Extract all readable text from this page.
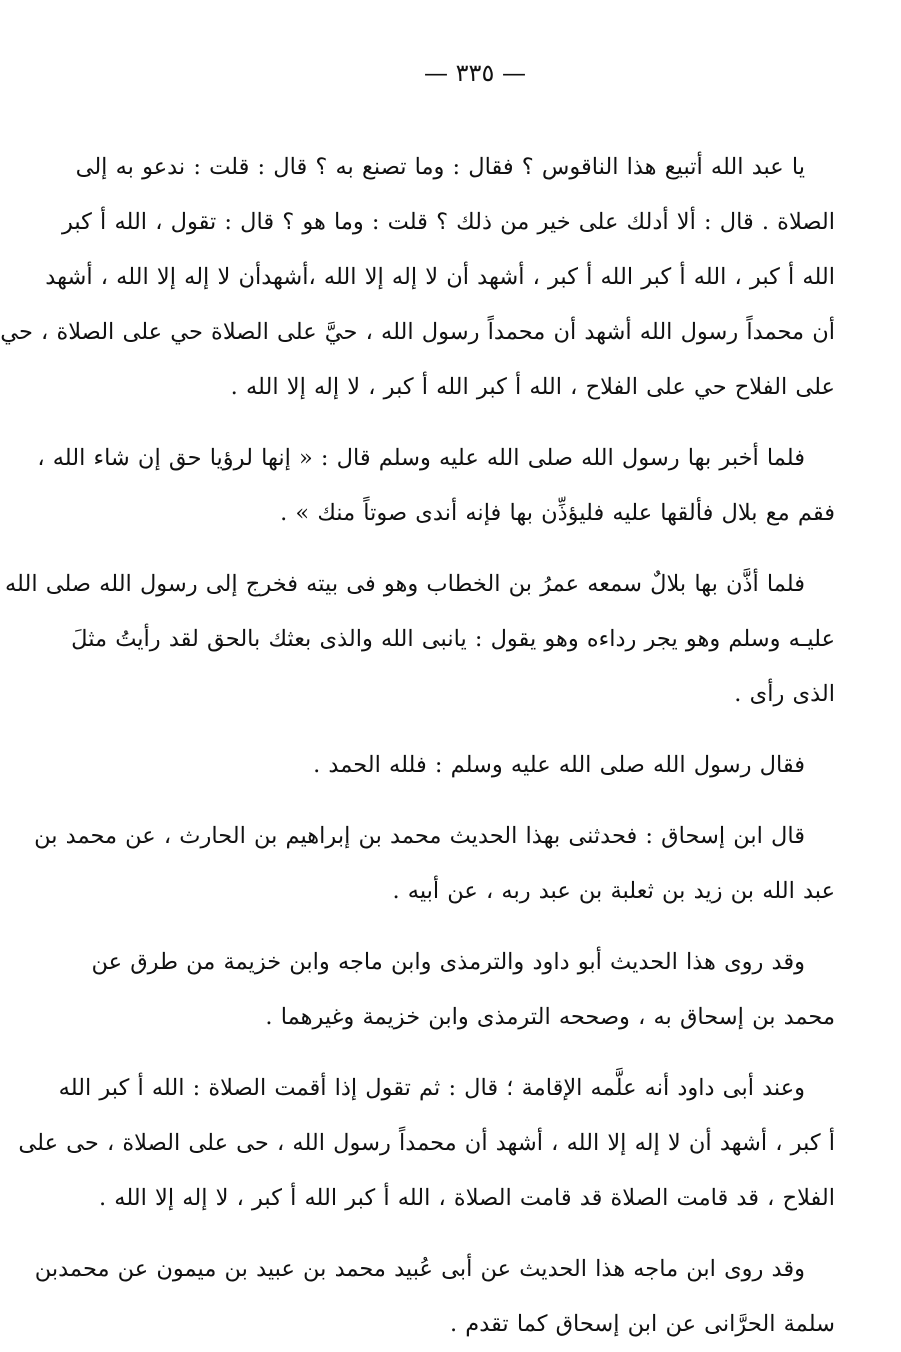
— ٣٣٥ —

يا عبد الله أتبيع هذا الناقوس ؟ فقال : وما تصنع به ؟ قال : قلت : ندعو به إلى
الصلاة . قال : ألا أدلك على خير من ذلك ؟ قلت : وما هو ؟ قال : تقول ، الله أ كبر
الله أ كبر ، الله أ كبر الله أ كبر ، أشهد أن لا إله إلا الله ،أشهدأن لا إله إلا الله ، أشهد
أن محمداً رسول الله أشهد أن محمداً رسول الله ، حيَّ على الصلاة حي على الصلاة ، حي
على الفلاح حي على الفلاح ، الله أ كبر الله أ كبر ، لا إله إلا الله .

فلما أخبر بها رسول الله صلى الله عليه وسلم قال : « إنها لرؤيا حق إن شاء الله ،
فقم مع بلال فألقها عليه فليؤذِّن بها فإنه أندى صوتاً منك » .

فلما أذَّن بها بلالٌ سمعه عمرُ بن الخطاب وهو فى بيته فخرج إلى رسول الله صلى الله
عليـه وسلم وهو يجر رداءه وهو يقول : يانبى الله والذى بعثك بالحق لقد رأيتُ مثلَ
الذى رأى .

فقال رسول الله صلى الله عليه وسلم : فلله الحمد .

قال ابن إسحاق : فحدثنى بهذا الحديث محمد بن إبراهيم بن الحارث ، عن محمد بن
عبد الله بن زيد بن ثعلبة بن عبد ربه ، عن أبيه .

وقد روى هذا الحديث أبو داود والترمذى وابن ماجه وابن خزيمة من طرق عن
محمد بن إسحاق به ، وصححه الترمذى وابن خزيمة وغيرهما .

وعند أبى داود أنه علَّمه الإقامة ؛ قال : ثم تقول إذا أقمت الصلاة : الله أ كبر الله
أ كبر ، أشهد أن لا إله إلا الله ، أشهد أن محمداً رسول الله ، حى على الصلاة ، حى على
الفلاح ، قد قامت الصلاة قد قامت الصلاة ، الله أ كبر الله أ كبر ، لا إله إلا الله .

وقد روى ابن ماجه هذا الحديث عن أبى عُبيد محمد بن عبيد بن ميمون عن محمدبن
سلمة الحرَّانى عن ابن إسحاق كما تقدم .
